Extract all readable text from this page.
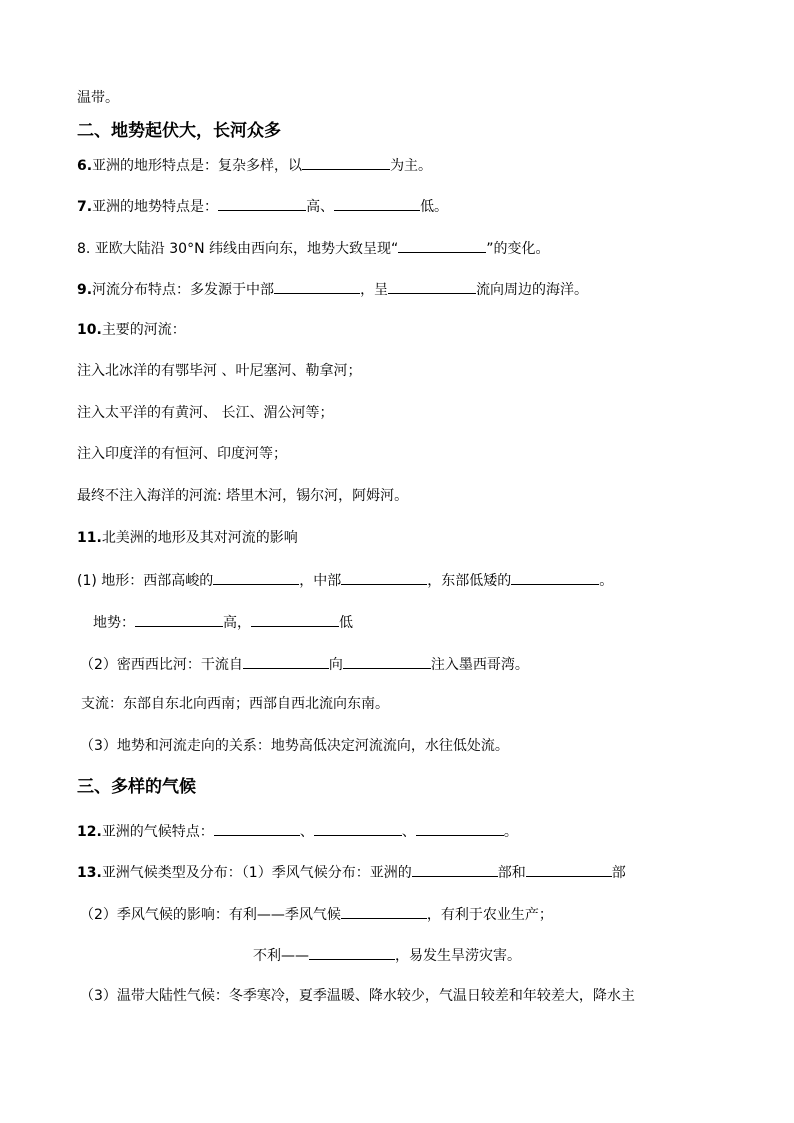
温带。
二、地势起伏大，长河众多
6.亚洲的地形特点是：复杂多样，以	为主。
7.亚洲的地势特点是：	高、	低。
8. 亚欧大陆沿 30°N 纬线由西向东，地势大致呈现“	”的变化。
9.河流分布特点：多发源于中部	，呈	流向周边的海洋。
10.主要的河流：
注入北冰洋的有鄂毕河 、叶尼塞河、勒拿河；
注入太平洋的有黄河、 长江、湄公河等；
注入印度洋的有恒河、印度河等；
最终不注入海洋的河流: 塔里木河，锡尔河，阿姆河。
11.北美洲的地形及其对河流的影响
(1) 地形：西部高峻的	，中部	，东部低矮的	。
地势：	高，	低
（2）密西西比河：干流自	向	注入墨西哥湾。
支流：东部自东北向西南；西部自西北流向东南。
（3）地势和河流走向的关系：地势高低决定河流流向，水往低处流。
三、多样的气候
12.亚洲的气候特点：	、	、	。
13.亚洲气候类型及分布：（1）季风气候分布：亚洲的	部和	部
（2）季风气候的影响：有利——季风气候	，有利于农业生产；
不利——	，易发生旱涝灾害。
（3）温带大陆性气候：冬季寒冷，夏季温暖、降水较少，气温日较差和年较差大，降水主
